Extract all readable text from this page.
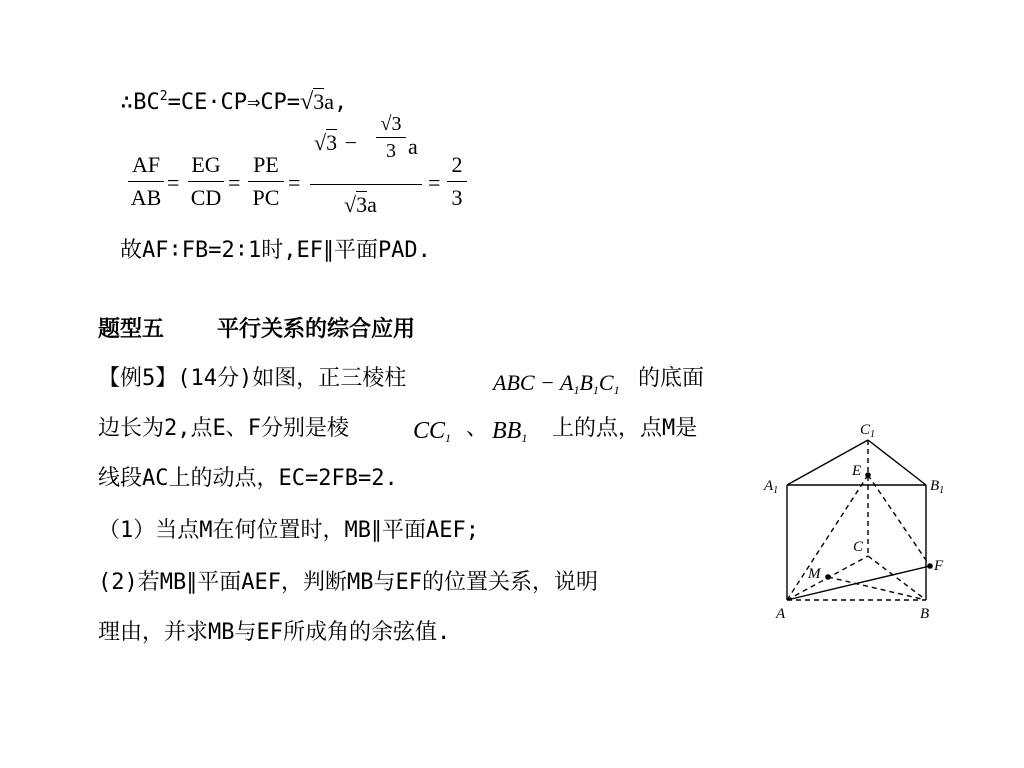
$\therefore BC^2=CE\cdot CP\Rightarrow CP=√3a$,
AF
AB
=
EG
CD
=
PE
PC
=
√3 −
√3
3 a
√3a
=
2
3
故AF∶FB=2∶1时,EF∥平面PAD.
题型五    平行关系的综合应用
【例5】(14分)如图，正三棱柱	ABC − $A_1B_1C_1$ 的底面
边长为2,点E、F分别是棱	$CC_1$ 、 $BB_1$ 上的点，点M是
线段AC上的动点，EC=2FB=2.
（1）当点M在何位置时，MB∥平面AEF;
(2)若MB∥平面AEF，判断MB与EF的位置关系，说明
理由，并求MB与EF所成角的余弦值.
$C_1$
$A_1$	$B_1$
E
C
F
M
A	B
